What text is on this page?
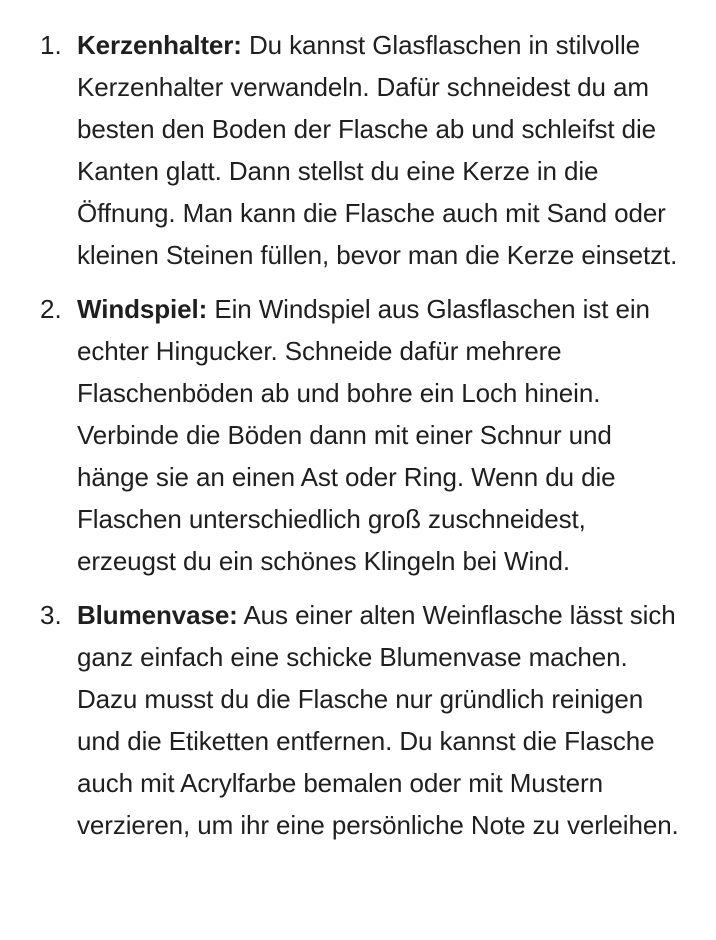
1. Kerzenhalter: Du kannst Glasflaschen in stilvolle Kerzenhalter verwandeln. Dafür schneidest du am besten den Boden der Flasche ab und schleifst die Kanten glatt. Dann stellst du eine Kerze in die Öffnung. Man kann die Flasche auch mit Sand oder kleinen Steinen füllen, bevor man die Kerze einsetzt.
2. Windspiel: Ein Windspiel aus Glasflaschen ist ein echter Hingucker. Schneide dafür mehrere Flaschenböden ab und bohre ein Loch hinein. Verbinde die Böden dann mit einer Schnur und hänge sie an einen Ast oder Ring. Wenn du die Flaschen unterschiedlich groß zuschneidest, erzeugst du ein schönes Klingeln bei Wind.
3. Blumenvase: Aus einer alten Weinflasche lässt sich ganz einfach eine schicke Blumenvase machen. Dazu musst du die Flasche nur gründlich reinigen und die Etiketten entfernen. Du kannst die Flasche auch mit Acrylfarbe bemalen oder mit Mustern verzieren, um ihr eine persönliche Note zu verleihen.
